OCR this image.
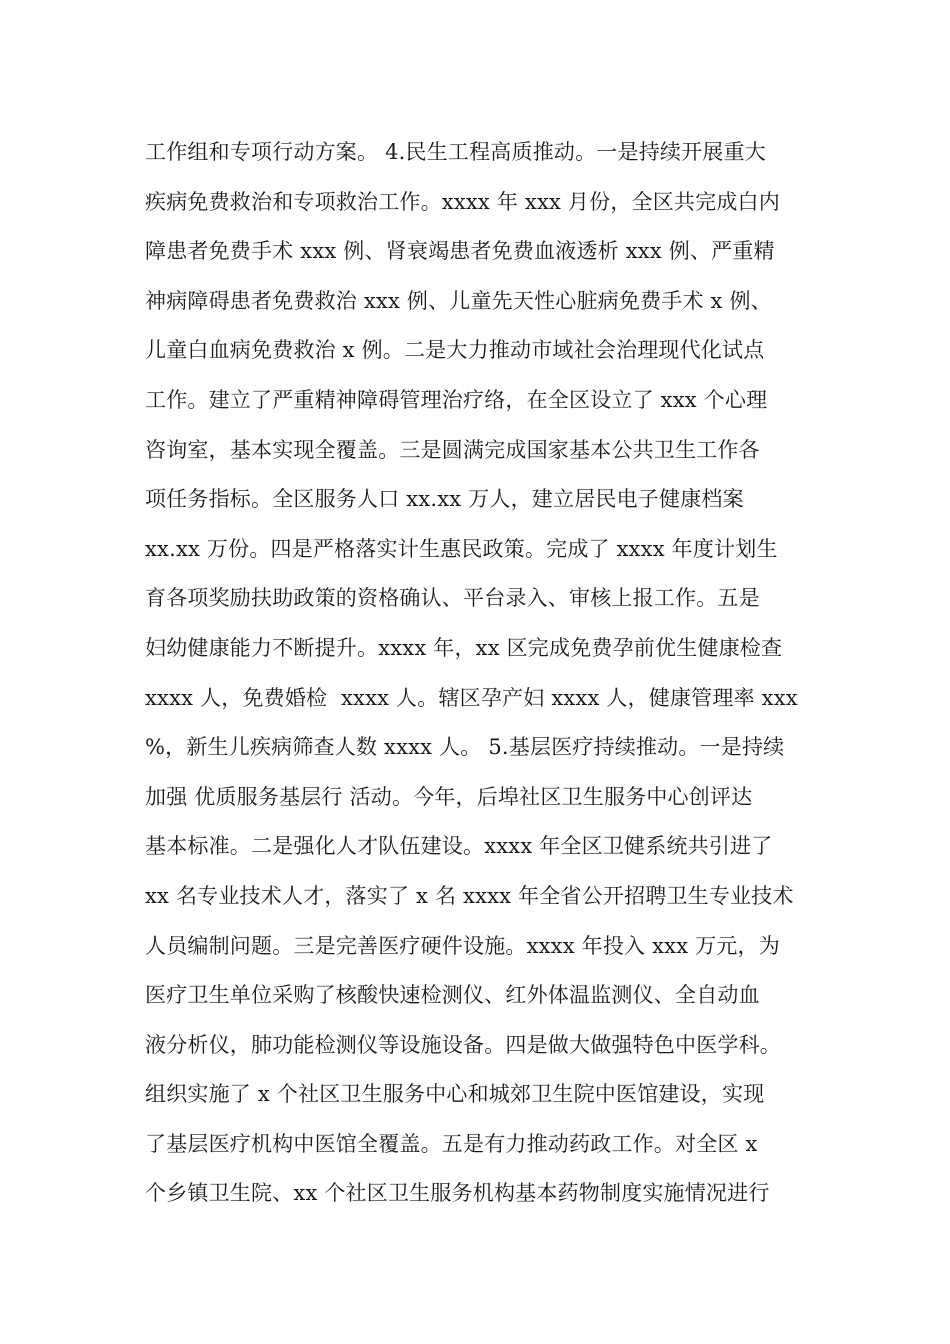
工作组和专项行动方案。 4.民生工程高质推动。一是持续开展重大
疾病免费救治和专项救治工作。xxxx 年 xxx 月份，全区共完成白内
障患者免费手术 xxx 例、肾衰竭患者免费血液透析 xxx 例、严重精
神病障碍患者免费救治 xxx 例、儿童先天性心脏病免费手术 x 例、
儿童白血病免费救治 x 例。二是大力推动市域社会治理现代化试点
工作。建立了严重精神障碍管理治疗络，在全区设立了 xxx 个心理
咨询室，基本实现全覆盖。三是圆满完成国家基本公共卫生工作各
项任务指标。全区服务人口 xx.xx 万人，建立居民电子健康档案
xx.xx 万份。四是严格落实计生惠民政策。完成了 xxxx 年度计划生
育各项奖励扶助政策的资格确认、平台录入、审核上报工作。五是
妇幼健康能力不断提升。xxxx 年，xx 区完成免费孕前优生健康检查
xxxx 人，免费婚检  xxxx 人。辖区孕产妇 xxxx 人，健康管理率 xxx
%，新生儿疾病筛查人数 xxxx 人。 5.基层医疗持续推动。一是持续
加强 优质服务基层行 活动。今年，后埠社区卫生服务中心创评达
基本标准。二是强化人才队伍建设。xxxx 年全区卫健系统共引进了
xx 名专业技术人才，落实了 x 名 xxxx 年全省公开招聘卫生专业技术
人员编制问题。三是完善医疗硬件设施。xxxx 年投入 xxx 万元，为
医疗卫生单位采购了核酸快速检测仪、红外体温监测仪、全自动血
液分析仪，肺功能检测仪等设施设备。四是做大做强特色中医学科。
组织实施了 x 个社区卫生服务中心和城郊卫生院中医馆建设，实现
了基层医疗机构中医馆全覆盖。五是有力推动药政工作。对全区 x
个乡镇卫生院、xx 个社区卫生服务机构基本药物制度实施情况进行
